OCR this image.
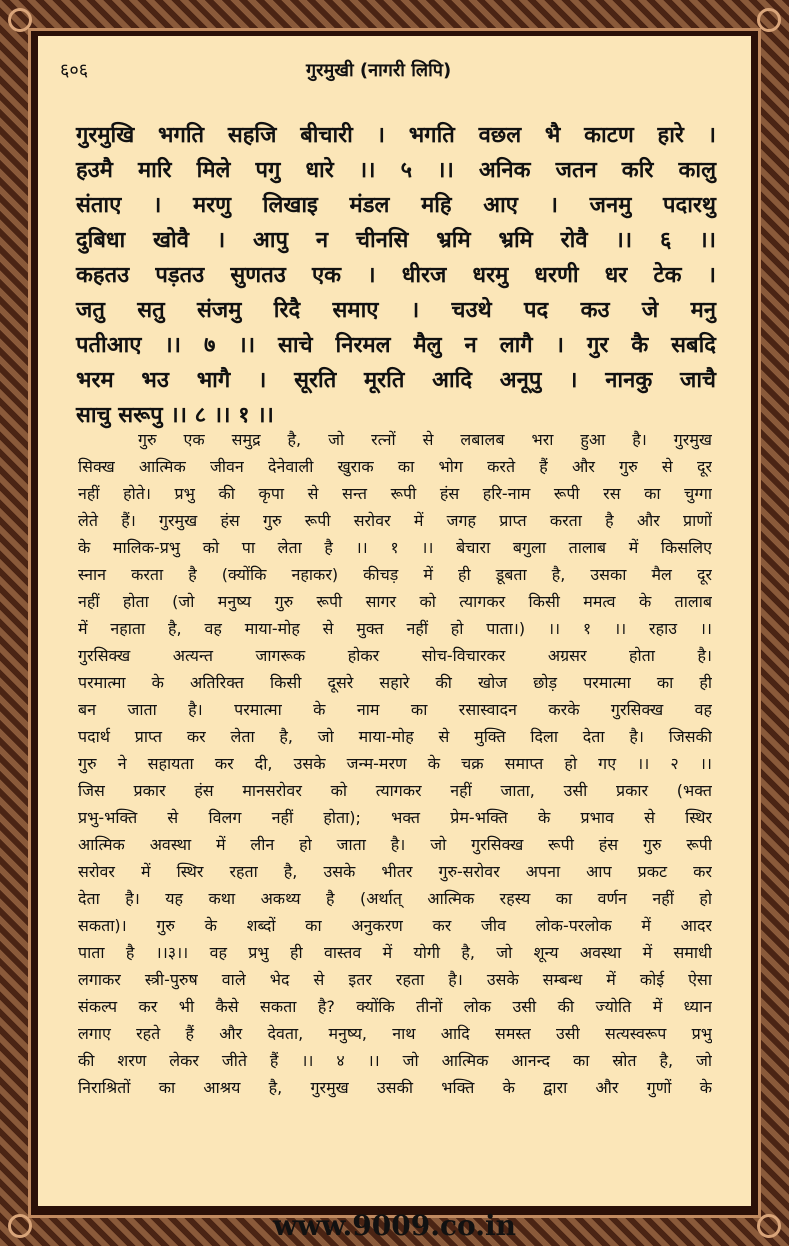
६०६	गुरमुखी (नागरी लिपि)
गुरमुखि भगति सहजि बीचारी । भगति वछल भै काटण हारे ।
हउमै मारि मिले पगु धारे ।। ५ ।। अनिक जतन करि कालु
संताए । मरणु लिखाइ मंडल महि आए । जनमु पदारथु
दुबिधा खोवै । आपु न चीनसि भ्रमि भ्रमि रोवै ।। ६ ।।
कहतउ पड़तउ सुणतउ एक । धीरज धरमु धरणी धर टेक ।
जतु सतु संजमु रिदै समाए । चउथे पद कउ जे मनु
पतीआए ।। ७ ।। साचे निरमल मैलु न लागै । गुर कै सबदि
भरम भउ भागै । सूरति मूरति आदि अनूपु । नानकु जाचै
साचु सरूपु ।। ८ ।। १ ।।
गुरु एक समुद्र है, जो रत्नों से लबालब भरा हुआ है। गुरमुख
सिक्ख आत्मिक जीवन देनेवाली खुराक का भोग करते हैं और गुरु से दूर
नहीं होते। प्रभु की कृपा से सन्त रूपी हंस हरि-नाम रूपी रस का चुग्गा
लेते हैं। गुरमुख हंस गुरु रूपी सरोवर में जगह प्राप्त करता है और प्राणों
के मालिक-प्रभु को पा लेता है ।। १ ।। बेचारा बगुला तालाब में किसलिए
स्नान करता है (क्योंकि नहाकर) कीचड़ में ही डूबता है, उसका मैल दूर
नहीं होता (जो मनुष्य गुरु रूपी सागर को त्यागकर किसी ममत्व के तालाब
में नहाता है, वह माया-मोह से मुक्त नहीं हो पाता।) ।। १ ।। रहाउ ।।
गुरसिक्ख अत्यन्त जागरूक होकर सोच-विचारकर अग्रसर होता है।
परमात्मा के अतिरिक्त किसी दूसरे सहारे की खोज छोड़ परमात्मा का ही
बन जाता है। परमात्मा के नाम का रसास्वादन करके गुरसिक्ख वह
पदार्थ प्राप्त कर लेता है, जो माया-मोह से मुक्ति दिला देता है। जिसकी
गुरु ने सहायता कर दी, उसके जन्म-मरण के चक्र समाप्त हो गए ।। २ ।।
जिस प्रकार हंस मानसरोवर को त्यागकर नहीं जाता, उसी प्रकार (भक्त
प्रभु-भक्ति से विलग नहीं होता); भक्त प्रेम-भक्ति के प्रभाव से स्थिर
आत्मिक अवस्था में लीन हो जाता है। जो गुरसिक्ख रूपी हंस गुरु रूपी
सरोवर में स्थिर रहता है, उसके भीतर गुरु-सरोवर अपना आप प्रकट कर
देता है। यह कथा अकथ्य है (अर्थात् आत्मिक रहस्य का वर्णन नहीं हो
सकता)। गुरु के शब्दों का अनुकरण कर जीव लोक-परलोक में आदर
पाता है ।।३।। वह प्रभु ही वास्तव में योगी है, जो शून्य अवस्था में समाधी
लगाकर स्त्री-पुरुष वाले भेद से इतर रहता है। उसके सम्बन्ध में कोई ऐसा
संकल्प कर भी कैसे सकता है? क्योंकि तीनों लोक उसी की ज्योति में ध्यान
लगाए रहते हैं और देवता, मनुष्य, नाथ आदि समस्त उसी सत्यस्वरूप प्रभु
की शरण लेकर जीते हैं ।। ४ ।। जो आत्मिक आनन्द का स्रोत है, जो
निराश्रितों का आश्रय है, गुरमुख उसकी भक्ति के द्वारा और गुणों के
www.9009.co.in
